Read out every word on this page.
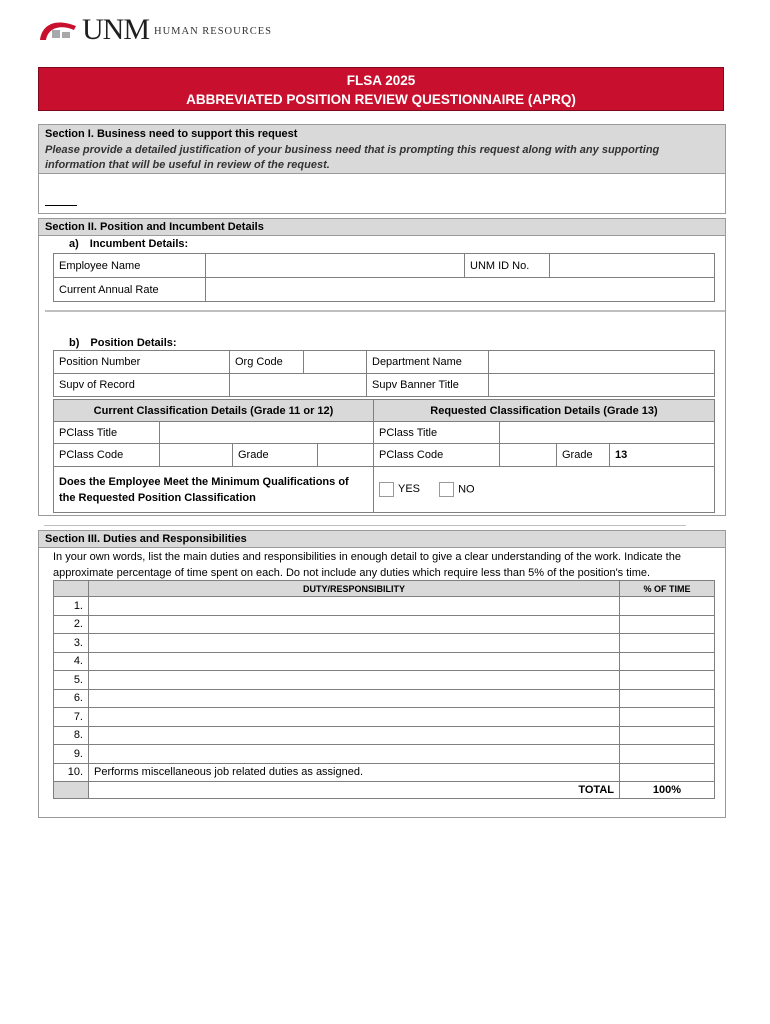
UNM HUMAN RESOURCES
FLSA 2025
ABBREVIATED POSITION REVIEW QUESTIONNAIRE (APRQ)
Section I. Business need to support this request
Please provide a detailed justification of your business need that is prompting this request along with any supporting information that will be useful in review of the request.
Section II. Position and Incumbent Details
a) Incumbent Details:
Employee Name		UNM ID No.	
Current Annual Rate			
b) Position Details:
Position Number	Org Code		Department Name	
Supv of Record			Supv Banner Title	
Current Classification Details (Grade 11 or 12)				Requested Classification Details (Grade 13)			
PClass Title				PClass Title			
PClass Code		Grade		PClass Code		Grade	13
Does the Employee Meet the Minimum Qualifications of the Requested Position Classification				YES NO			
Section III. Duties and Responsibilities
In your own words, list the main duties and responsibilities in enough detail to give a clear understanding of the work. Indicate the approximate percentage of time spent on each. Do not include any duties which require less than 5% of the position's time.
	DUTY/RESPONSIBILITY	% OF TIME
1.		
2.		
3.		
4.		
5.		
6.		
7.		
8.		
9.		
10.	Performs miscellaneous job related duties as assigned.	
	TOTAL	100%
